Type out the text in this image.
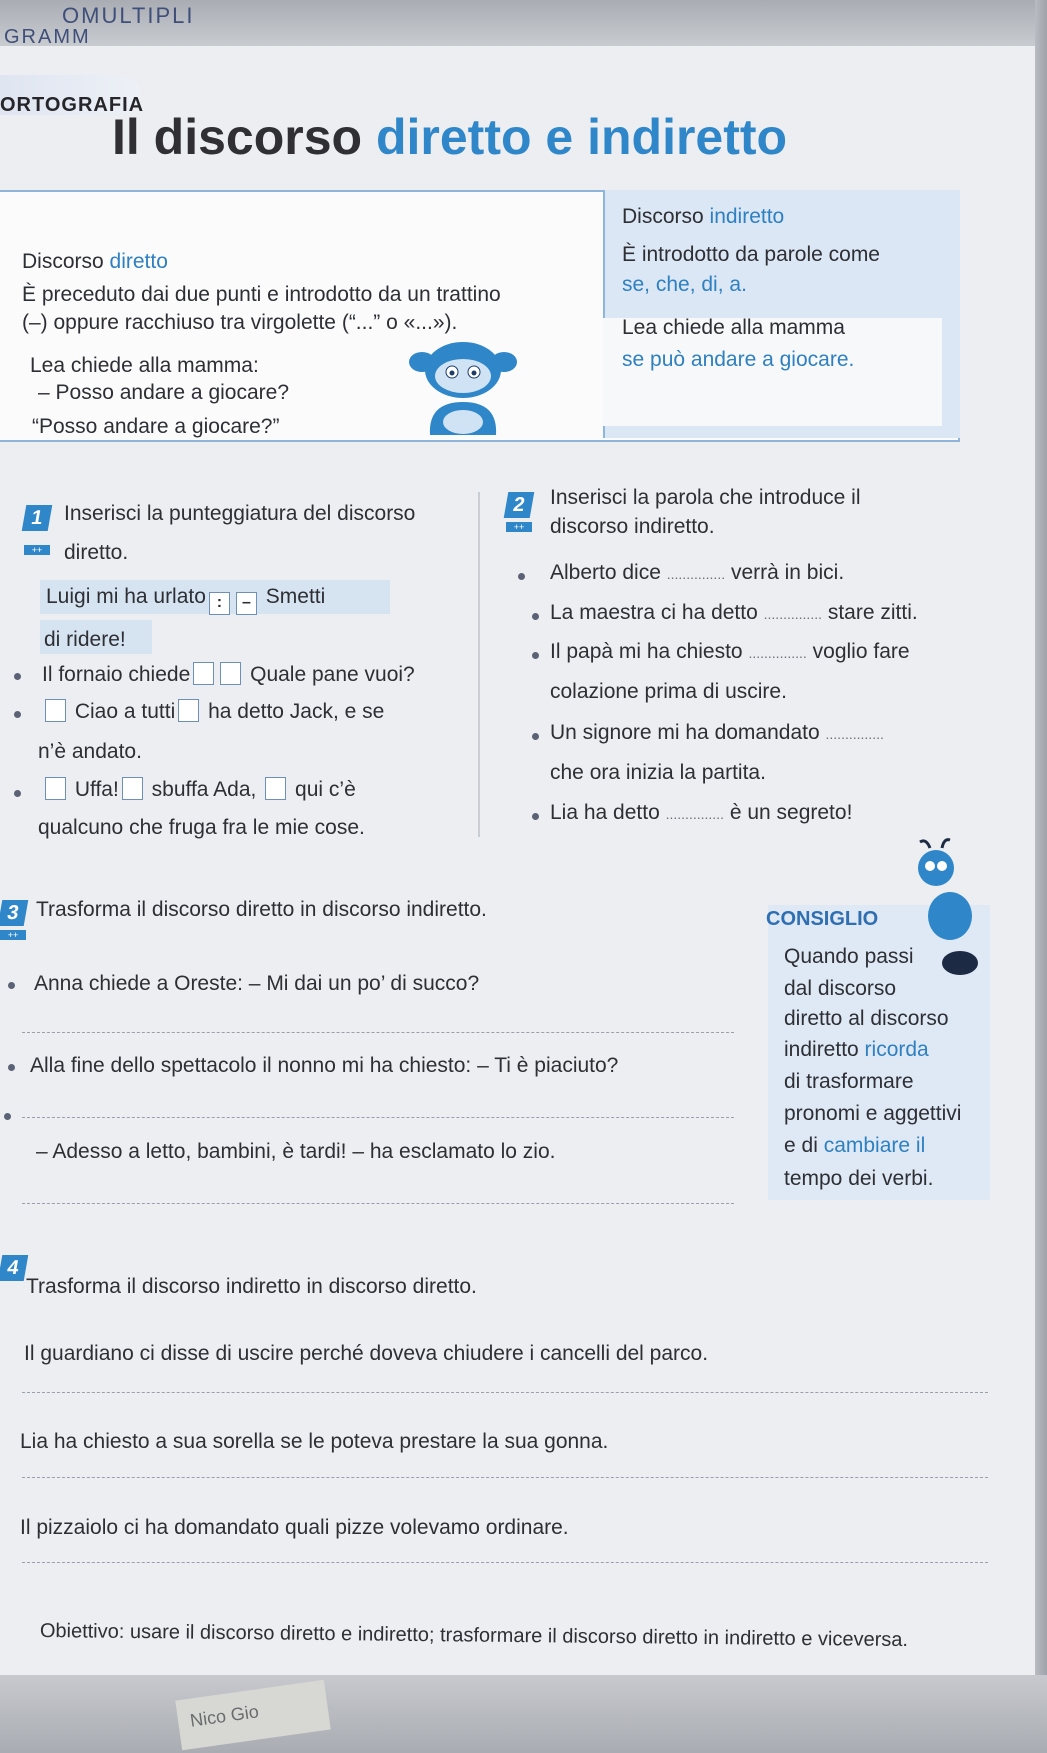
OMULTIPLI
GRAMM
ORTOGRAFIA
Il discorso diretto e indiretto
Discorso diretto
È preceduto dai due punti e introdotto da un trattino
(–) oppure racchiuso tra virgolette (“...” o «...»).
Lea chiede alla mamma:
– Posso andare a giocare?
“Posso andare a giocare?”
Discorso indiretto
È introdotto da parole come
se, che, di, a.
Lea chiede alla mamma
se può andare a giocare.
1
++
Inserisci la punteggiatura del discorso
diretto.
Luigi mi ha urlato : – Smetti
di ridere!
Il fornaio chiede	Quale pane vuoi?
Ciao a tutti ha detto Jack, e se
n’è andato.
Uffa! sbuffa Ada, qui c’è
qualcuno che fruga fra le mie cose.
2
++
Inserisci la parola che introduce il
discorso indiretto.
Alberto dice ............... verrà in bici.
La maestra ci ha detto ............... stare zitti.
Il papà mi ha chiesto ............... voglio fare
colazione prima di uscire.
Un signore mi ha domandato ...............
che ora inizia la partita.
Lia ha detto ............... è un segreto!
3
++
Trasforma il discorso diretto in discorso indiretto.
Anna chiede a Oreste: – Mi dai un po’ di succo?
Alla fine dello spettacolo il nonno mi ha chiesto: – Ti è piaciuto?
– Adesso a letto, bambini, è tardi! – ha esclamato lo zio.
CONSIGLIO
Quando passi
dal discorso
diretto al discorso
indiretto ricorda
di trasformare
pronomi e aggettivi
e di cambiare il
tempo dei verbi.
4
Trasforma il discorso indiretto in discorso diretto.
Il guardiano ci disse di uscire perché doveva chiudere i cancelli del parco.
Lia ha chiesto a sua sorella se le poteva prestare la sua gonna.
Il pizzaiolo ci ha domandato quali pizze volevamo ordinare.
Obiettivo: usare il discorso diretto e indiretto; trasformare il discorso diretto in indiretto e viceversa.
Nico Gio
